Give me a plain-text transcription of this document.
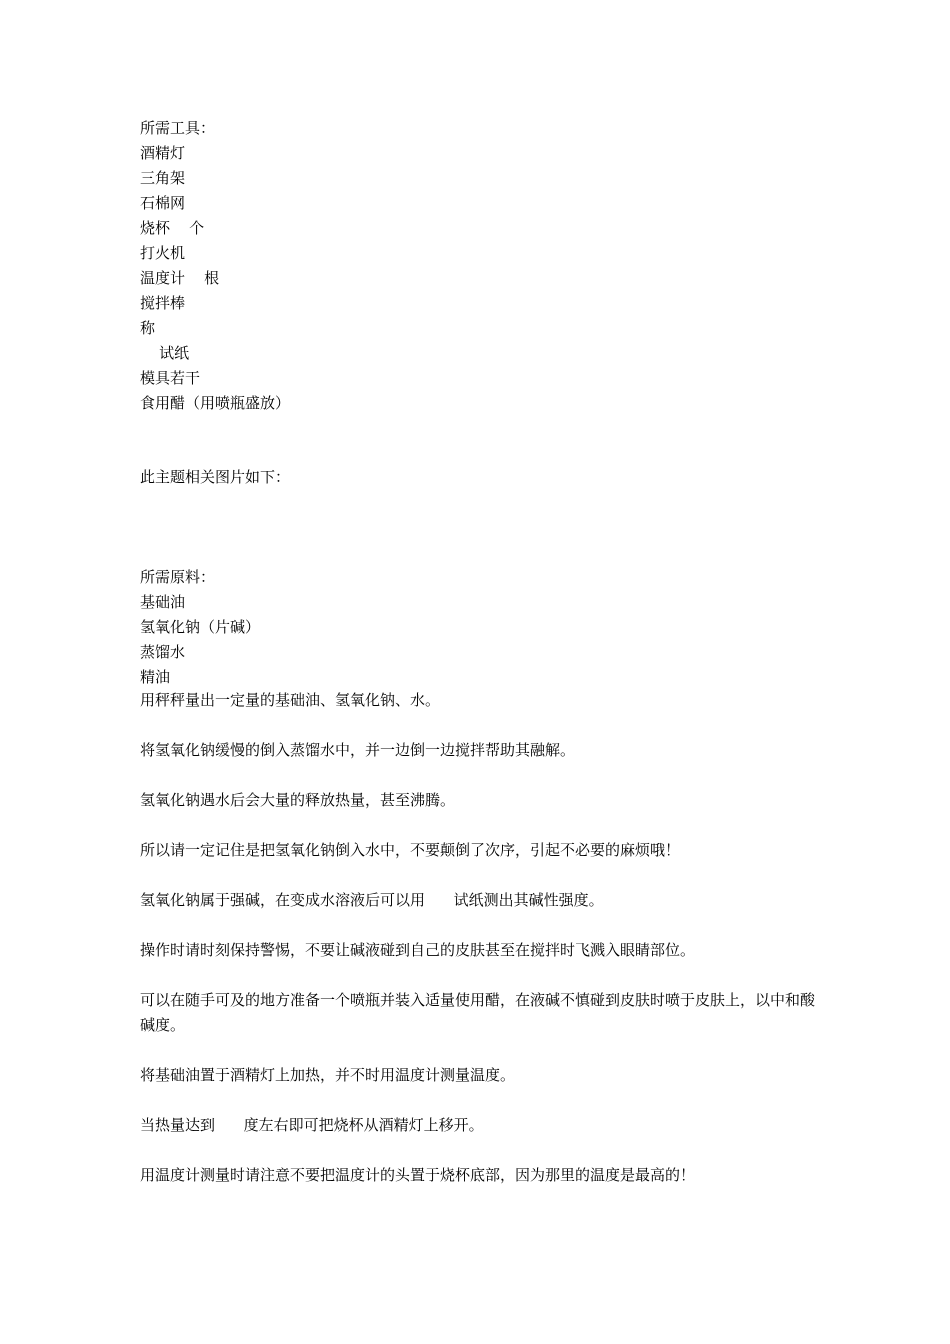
所需工具：
酒精灯
三角架
石棉网
烧杯    个
打火机
温度计    根
搅拌棒
称
试纸
模具若干
食用醋（用喷瓶盛放）
此主题相关图片如下：
所需原料：
基础油
氢氧化钠（片碱）
蒸馏水
精油
用秤秤量出一定量的基础油、氢氧化钠、水。
将氢氧化钠缓慢的倒入蒸馏水中，并一边倒一边搅拌帮助其融解。
氢氧化钠遇水后会大量的释放热量，甚至沸腾。
所以请一定记住是把氢氧化钠倒入水中，不要颠倒了次序，引起不必要的麻烦哦！
氢氧化钠属于强碱，在变成水溶液后可以用      试纸测出其碱性强度。
操作时请时刻保持警惕，不要让碱液碰到自己的皮肤甚至在搅拌时飞溅入眼睛部位。
可以在随手可及的地方准备一个喷瓶并装入适量使用醋，在液碱不慎碰到皮肤时喷于皮肤上，以中和酸碱度。
将基础油置于酒精灯上加热，并不时用温度计测量温度。
当热量达到      度左右即可把烧杯从酒精灯上移开。
用温度计测量时请注意不要把温度计的头置于烧杯底部，因为那里的温度是最高的！
